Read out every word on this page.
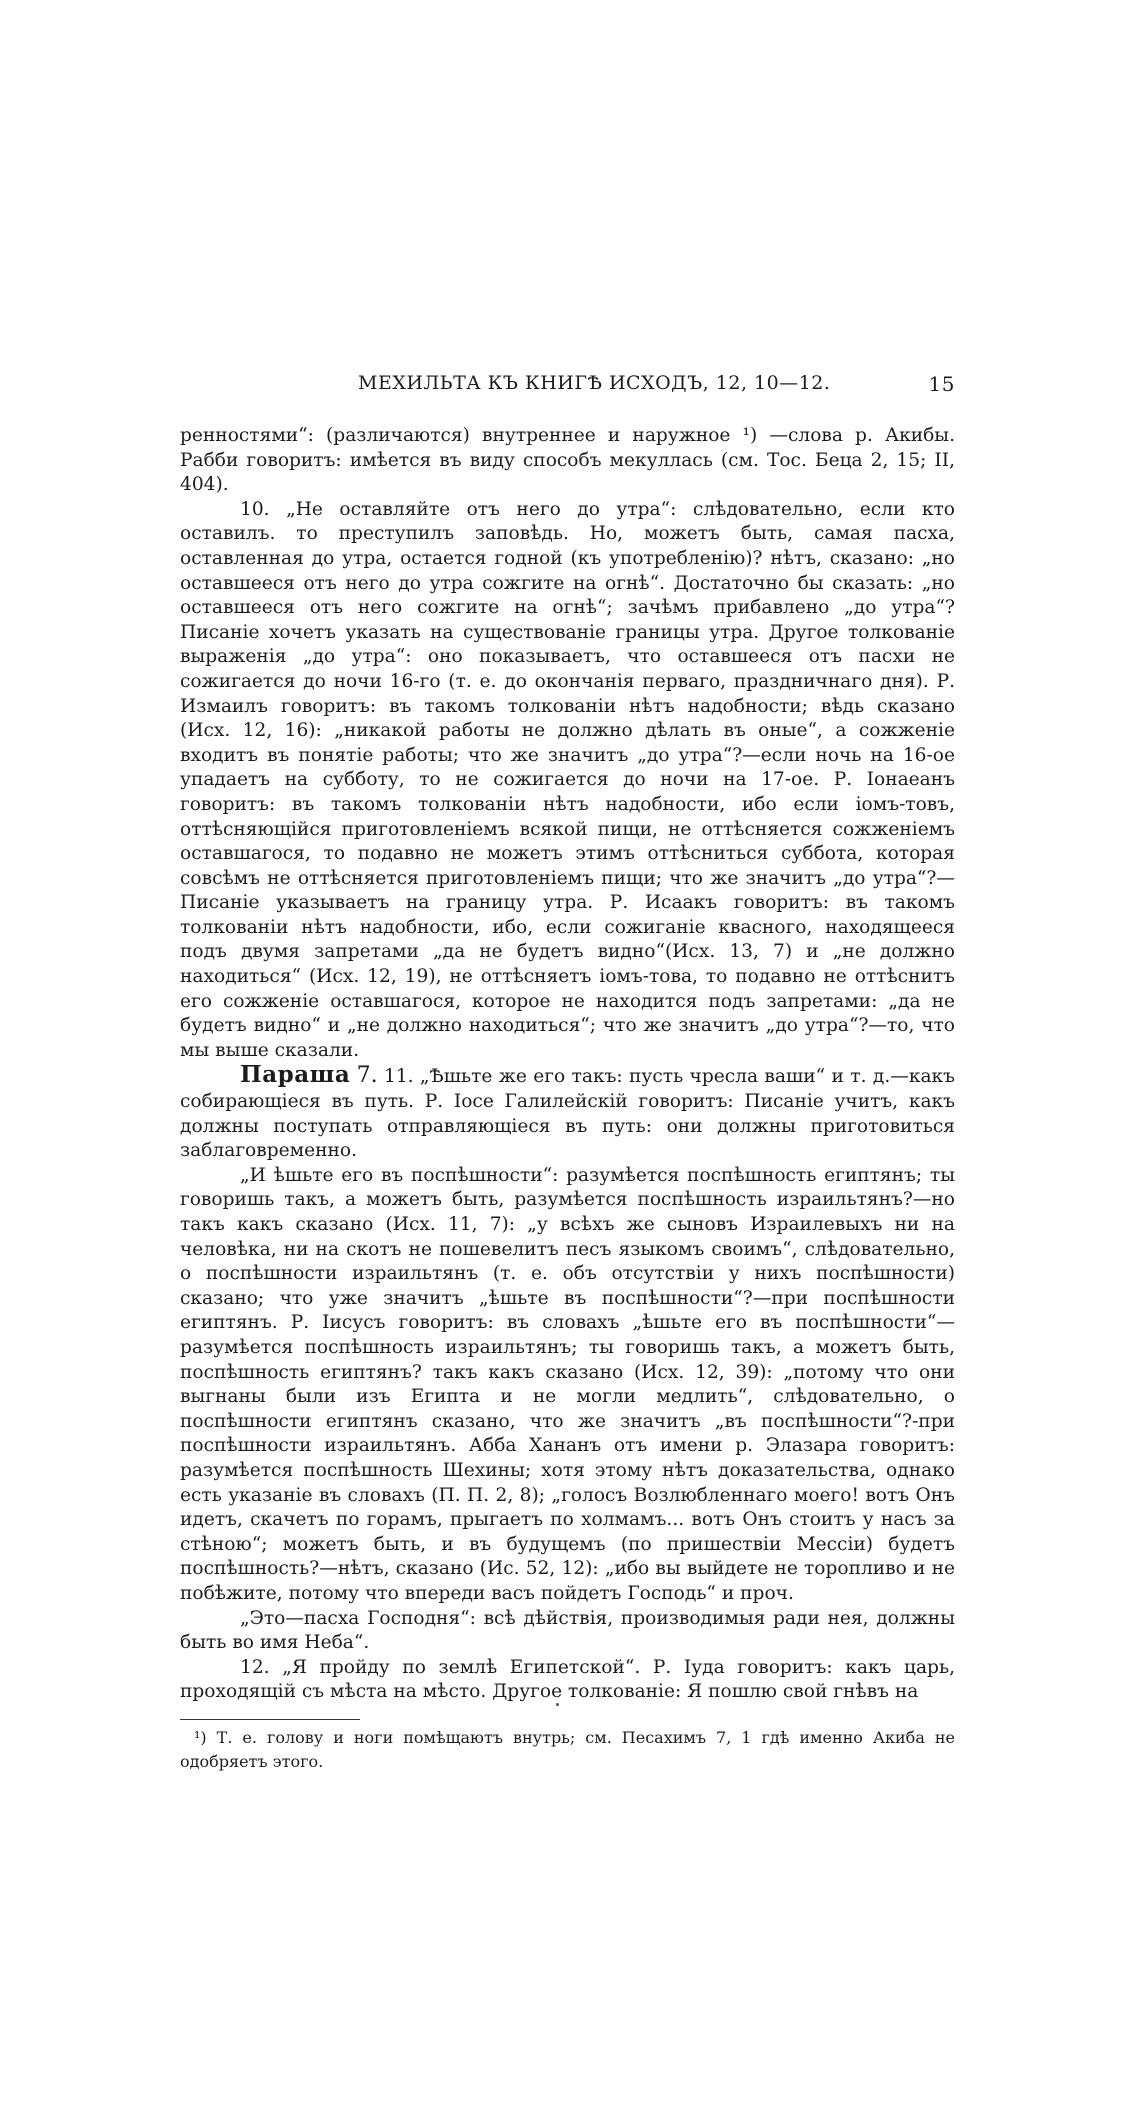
МЕХИЛЬТА КЪ КНИГѢ ИСХОДЪ, 12, 10—12.	15

ренностями“: (различаются) внутреннее и наружное ¹) —слова р. Акибы. Рабби говоритъ: имѣется въ виду способъ мекуллась (см. Тос. Беца 2, 15; II, 404).

10. „Не оставляйте отъ него до утра“: слѣдовательно, если кто оставилъ. то преступилъ заповѣдь. Но, можетъ быть, самая пасха, оставленная до утра, остается годной (къ употребленію)? нѣтъ, сказано: „но оставшееся отъ него до утра сожгите на огнѣ“. Достаточно бы сказать: „но оставшееся отъ него сожгите на огнѣ“; зачѣмъ прибавлено „до утра“? Писаніе хочетъ указать на существованіе границы утра. Другое толкованіе выраженія „до утра“: оно показываетъ, что оставшееся отъ пасхи не сожигается до ночи 16-го (т. е. до окончанія перваго, праздничнаго дня). Р. Измаилъ говоритъ: въ такомъ толкованіи нѣтъ надобности; вѣдь сказано (Исх. 12, 16): „никакой работы не должно дѣлать въ оные“, а сожженіе входитъ въ понятіе работы; что же значитъ „до утра“?—если ночь на 16-ое упадаетъ на субботу, то не сожигается до ночи на 17-ое. Р. Іонаеанъ говоритъ: въ такомъ толкованіи нѣтъ надобности, ибо если іомъ-товъ, оттѣсняющійся приготовленіемъ всякой пищи, не оттѣсняется сожженіемъ оставшагося, то подавно не можетъ этимъ оттѣсниться суббота, которая совсѣмъ не оттѣсняется приготовленіемъ пищи; что же значитъ „до утра“?—Писаніе указываетъ на границу утра. Р. Исаакъ говоритъ: въ такомъ толкованіи нѣтъ надобности, ибо, если сожиганіе квасного, находящееся подъ двумя запретами „да не будетъ видно“(Исх. 13, 7) и „не должно находиться“ (Исх. 12, 19), не оттѣсняетъ іомъ-това, то подавно не оттѣснитъ его сожженіе оставшагося, которое не находится подъ запретами: „да не будетъ видно“ и „не должно находиться“; что же значитъ „до утра“?—то, что мы выше сказали.

Параша 7. 11. „Ѣшьте же его такъ: пусть чресла ваши“ и т. д.—какъ собирающіеся въ путь. Р. Іосе Галилейскій говоритъ: Писаніе учитъ, какъ должны поступать отправляющіеся въ путь: они должны приготовиться заблаговременно.

„И ѣшьте его въ поспѣшности“: разумѣется поспѣшность египтянъ; ты говоришь такъ, а можетъ быть, разумѣется поспѣшность израильтянъ?—но такъ какъ сказано (Исх. 11, 7): „у всѣхъ же сыновъ Израилевыхъ ни на человѣка, ни на скотъ не пошевелитъ песъ языкомъ своимъ“, слѣдовательно, о поспѣшности израильтянъ (т. е. объ отсутствіи у нихъ поспѣшности) сказано; что уже значитъ „ѣшьте въ поспѣшности“?—при поспѣшности египтянъ. Р. Іисусъ говоритъ: въ словахъ „ѣшьте его въ поспѣшности“—разумѣется поспѣшность израильтянъ; ты говоришь такъ, а можетъ быть, поспѣшность египтянъ? такъ какъ сказано (Исх. 12, 39): „потому что они выгнаны были изъ Египта и не могли медлить“, слѣдовательно, о поспѣшности египтянъ сказано, что же значитъ „въ поспѣшности“?-при поспѣшности израильтянъ. Абба Хананъ отъ имени р. Элазара говоритъ: разумѣется поспѣшность Шехины; хотя этому нѣтъ доказательства, однако есть указаніе въ словахъ (П. П. 2, 8); „голосъ Возлюбленнаго моего! вотъ Онъ идетъ, скачетъ по горамъ, прыгаетъ по холмамъ... вотъ Онъ стоитъ у насъ за стѣною“; можетъ быть, и въ будущемъ (по пришествіи Мессіи) будетъ поспѣшность?—нѣтъ, сказано (Ис. 52, 12): „ибо вы выйдете не торопливо и не побѣжите, потому что впереди васъ пойдетъ Господь“ и проч.

„Это—пасха Господня“: всѣ дѣйствія, производимыя ради нея, должны быть во имя Неба“.

12. „Я пройду по землѣ Египетской“. Р. Іуда говоритъ: какъ царь, проходящій съ мѣста на мѣсто. Другое толкованіе: Я пошлю свой гнѣвъ на

¹) Т. е. голову и ноги помѣщаютъ внутрь; см. Песахимъ 7, 1 гдѣ именно Акиба не одобряетъ этого.
